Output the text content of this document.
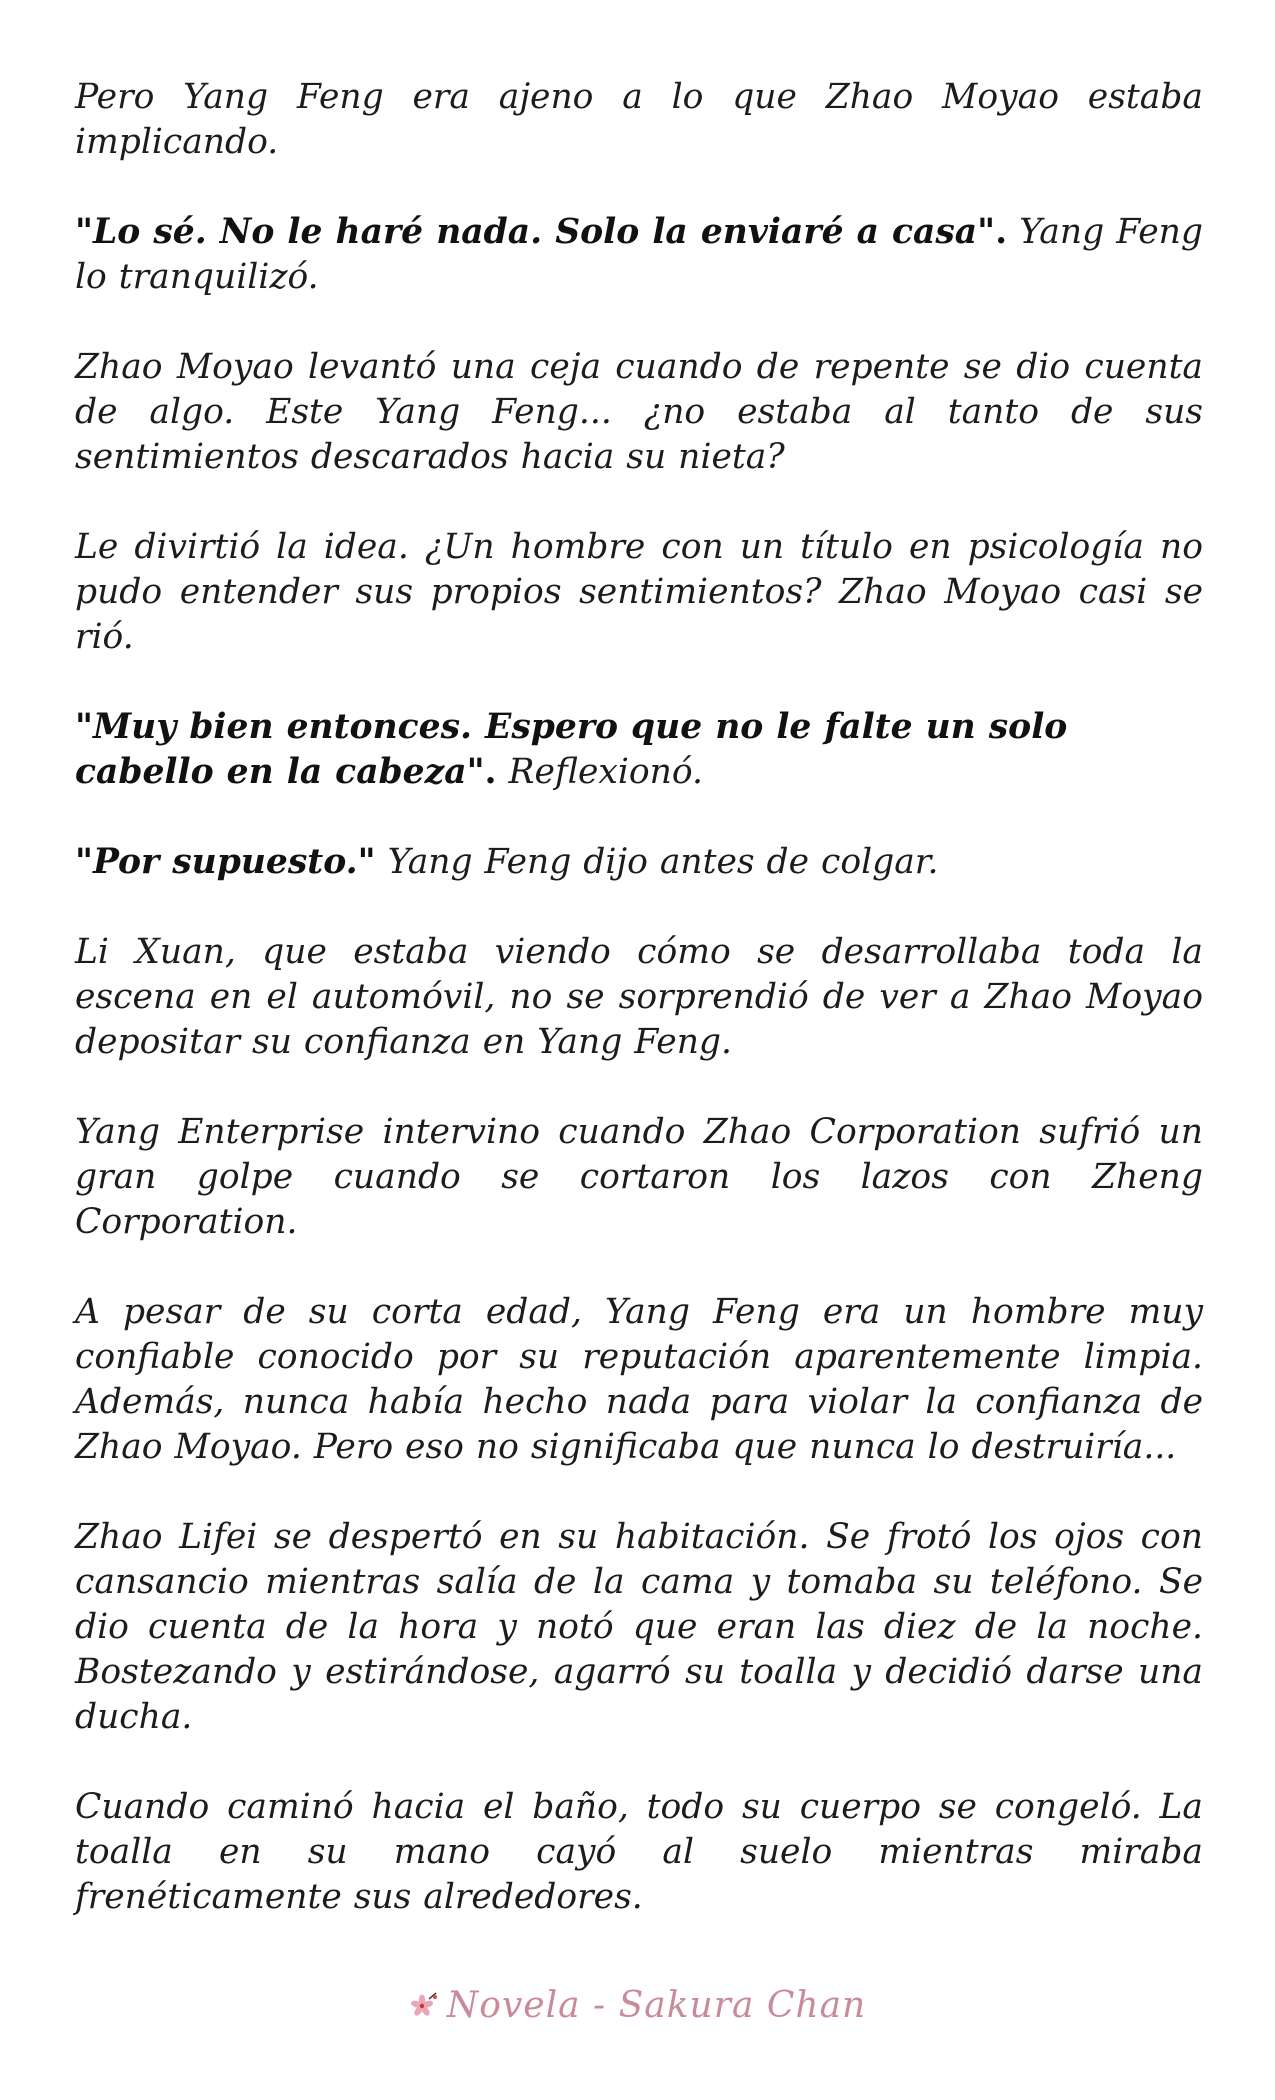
Pero Yang Feng era ajeno a lo que Zhao Moyao estaba implicando.

"Lo sé. No le haré nada. Solo la enviaré a casa". Yang Feng lo tranquilizó.

Zhao Moyao levantó una ceja cuando de repente se dio cuenta de algo. Este Yang Feng... ¿no estaba al tanto de sus sentimientos descarados hacia su nieta?

Le divirtió la idea. ¿Un hombre con un título en psicología no pudo entender sus propios sentimientos? Zhao Moyao casi se rió.

"Muy bien entonces. Espero que no le falte un solo cabello en la cabeza". Reflexionó.

"Por supuesto." Yang Feng dijo antes de colgar.

Li Xuan, que estaba viendo cómo se desarrollaba toda la escena en el automóvil, no se sorprendió de ver a Zhao Moyao depositar su confianza en Yang Feng.

Yang Enterprise intervino cuando Zhao Corporation sufrió un gran golpe cuando se cortaron los lazos con Zheng Corporation.

A pesar de su corta edad, Yang Feng era un hombre muy confiable conocido por su reputación aparentemente limpia. Además, nunca había hecho nada para violar la confianza de Zhao Moyao. Pero eso no significaba que nunca lo destruiría...

Zhao Lifei se despertó en su habitación. Se frotó los ojos con cansancio mientras salía de la cama y tomaba su teléfono. Se dio cuenta de la hora y notó que eran las diez de la noche. Bostezando y estirándose, agarró su toalla y decidió darse una ducha.

Cuando caminó hacia el baño, todo su cuerpo se congeló. La toalla en su mano cayó al suelo mientras miraba frenéticamente sus alrededores.

Novela - Sakura Chan
